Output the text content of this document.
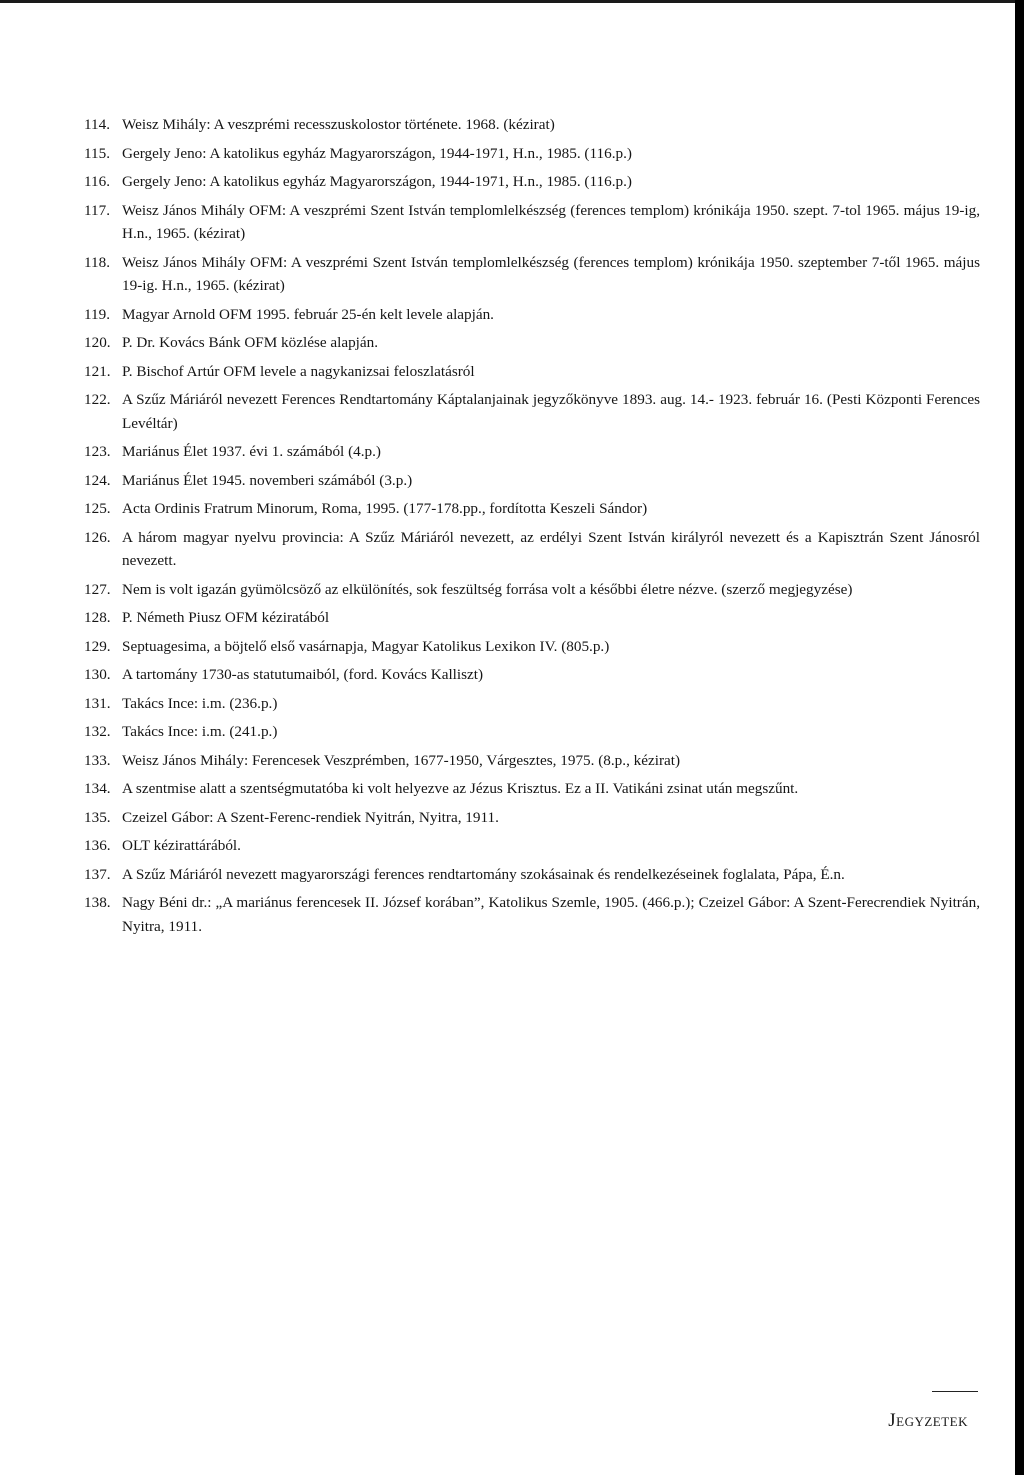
114. Weisz Mihály: A veszprémi recesszuskolostor története. 1968. (kézirat)
115. Gergely Jeno: A katolikus egyház Magyarországon, 1944-1971, H.n., 1985. (116.p.)
116. Gergely Jeno: A katolikus egyház Magyarországon, 1944-1971, H.n., 1985. (116.p.)
117. Weisz János Mihály OFM: A veszprémi Szent István templomlelkészség (ferences templom) krónikája 1950. szept. 7-tol 1965. május 19-ig, H.n., 1965. (kézirat)
118. Weisz János Mihály OFM: A veszprémi Szent István templomlelkészség (ferences templom) krónikája 1950. szeptember 7-től 1965. május 19-ig. H.n., 1965. (kézirat)
119. Magyar Arnold OFM 1995. február 25-én kelt levele alapján.
120. P. Dr. Kovács Bánk OFM közlése alapján.
121. P. Bischof Artúr OFM levele a nagykanizsai feloszlatásról
122. A Szűz Máriáról nevezett Ferences Rendtartomány Káptalanjainak jegyzőkönyve 1893. aug. 14.- 1923. február 16. (Pesti Központi Ferences Levéltár)
123. Mariánus Élet 1937. évi 1. számából (4.p.)
124. Mariánus Élet 1945. novemberi számából (3.p.)
125. Acta Ordinis Fratrum Minorum, Roma, 1995. (177-178.pp., fordította Keszeli Sándor)
126. A három magyar nyelvu provincia: A Szűz Máriáról nevezett, az erdélyi Szent István királyról nevezett és a Kapisztrán Szent Jánosról nevezett.
127. Nem is volt igazán gyümölcsöző az elkülönítés, sok feszültség forrása volt a későbbi életre nézve. (szerző megjegyzése)
128. P. Németh Piusz OFM kéziratából
129. Septuagesima, a böjtelő első vasárnapja, Magyar Katolikus Lexikon IV. (805.p.)
130. A tartomány 1730-as statutumaiból, (ford. Kovács Kalliszt)
131. Takács Ince: i.m. (236.p.)
132. Takács Ince: i.m. (241.p.)
133. Weisz János Mihály: Ferencesek Veszprémben, 1677-1950, Várgesztes, 1975. (8.p., kézirat)
134. A szentmise alatt a szentségmutatóba ki volt helyezve az Jézus Krisztus. Ez a II. Vatikáni zsinat után megszűnt.
135. Czeizel Gábor: A Szent-Ferenc-rendiek Nyitrán, Nyitra, 1911.
136. OLT kézirattárából.
137. A Szűz Máriáról nevezett magyarországi ferences rendtartomány szokásainak és rendelkezéseinek foglalata, Pápa, É.n.
138. Nagy Béni dr.: „A mariánus ferencesek II. József korában”, Katolikus Szemle, 1905. (466.p.); Czeizel Gábor: A Szent-Ferecrendiek Nyitrán, Nyitra, 1911.
Jegyzetek
